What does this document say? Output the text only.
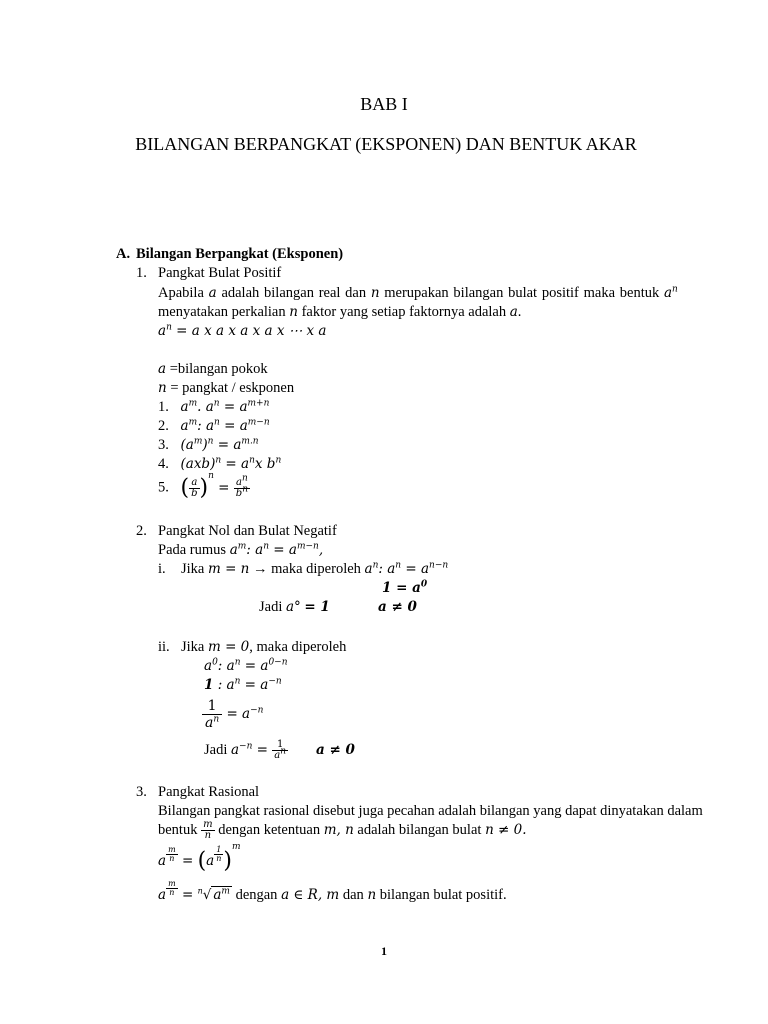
BAB I
BILANGAN BERPANGKAT (EKSPONEN) DAN BENTUK AKAR
A. Bilangan Berpangkat (Eksponen)
1. Pangkat Bulat Positif
Apabila a adalah bilangan real dan n merupakan bilangan bulat positif maka bentuk $a^n$
menyatakan perkalian n faktor yang setiap faktornya adalah a.
$a^n = a$ x a x a x a x ⋯ x a
a =bilangan pokok
n = pangkat / eskponen
1. $a^m$. $a^n = a^{m+n}$
2. $a^m$: $a^n = a^{m-n}$
3. $(a^m)^n = a^{m.n}$
4. $(axb)^n = a^nx$ $b^n$
5. ( $\frac{a}{b} )^n = \frac{a^n}{b^n}$
2. Pangkat Nol dan Bulat Negatif
Pada rumus $a^m$: $a^n = a^{m-n}$,
i. Jika m = n → maka diperoleh $a^n$: $a^n = a^{n-n}$
$1 = a^0$
Jadi a° = 1	a ≠ 0
ii. Jika m = 0, maka diperoleh
$a^0$: $a^n = a^{0-n}$
1 : $a^n = a^{-n}$
$\frac{1}{a^n} = a^{-n}$
Jadi $a^{-n} = \frac{1}{a^n}$ a ≠ 0
3. Pangkat Rasional
Bilangan pangkat rasional disebut juga pecahan adalah bilangan yang dapat dinyatakan dalam
bentuk $\frac{m}{n}$ dengan ketentuan m, n adalah bilangan bulat n ≠ 0.
a $^{\frac{m}{n}}$ = (a $^{\frac{1}{n}}$ )$^m$
a $^{\frac{m}{n}}$ = $^n$√ $a^m$ dengan a ∈ R, m dan n bilangan bulat positif.
1
